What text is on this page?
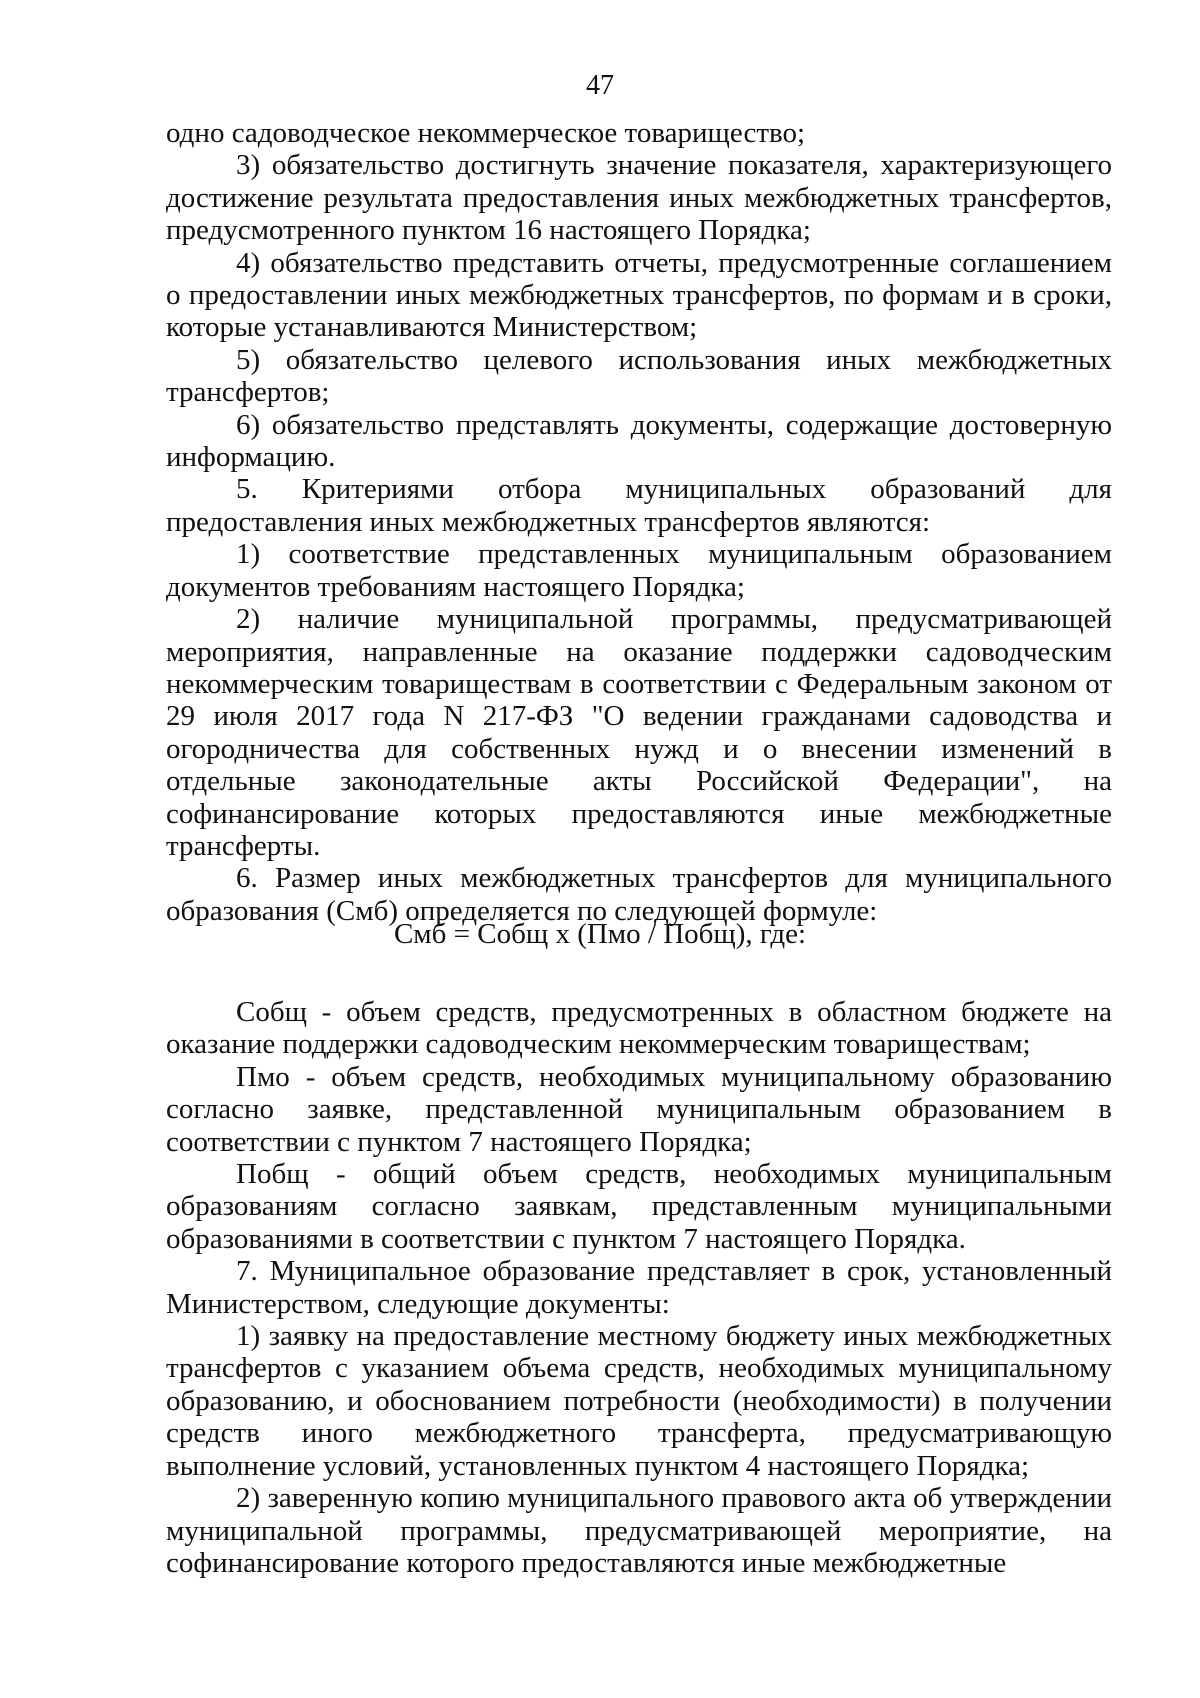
47

одно садоводческое некоммерческое товарищество;

3) обязательство достигнуть значение показателя, характеризующего достижение результата предоставления иных межбюджетных трансфертов, предусмотренного пунктом 16 настоящего Порядка;

4) обязательство представить отчеты, предусмотренные соглашением о предоставлении иных межбюджетных трансфертов, по формам и в сроки, которые устанавливаются Министерством;

5) обязательство целевого использования иных межбюджетных трансфертов;

6) обязательство представлять документы, содержащие достоверную информацию.

5. Критериями отбора муниципальных образований для предоставления иных межбюджетных трансфертов являются:

1) соответствие представленных муниципальным образованием документов требованиям настоящего Порядка;

2) наличие муниципальной программы, предусматривающей мероприятия, направленные на оказание поддержки садоводческим некоммерческим товариществам в соответствии с Федеральным законом от 29 июля 2017 года N 217-ФЗ "О ведении гражданами садоводства и огородничества для собственных нужд и о внесении изменений в отдельные законодательные акты Российской Федерации", на софинансирование которых предоставляются иные межбюджетные трансферты.

6. Размер иных межбюджетных трансфертов для муниципального образования (Смб) определяется по следующей формуле:

Смб = Собщ x (Пмо / Побщ), где:

Собщ - объем средств, предусмотренных в областном бюджете на оказание поддержки садоводческим некоммерческим товариществам;

Пмо - объем средств, необходимых муниципальному образованию согласно заявке, представленной муниципальным образованием в соответствии с пунктом 7 настоящего Порядка;

Побщ - общий объем средств, необходимых муниципальным образованиям согласно заявкам, представленным муниципальными образованиями в соответствии с пунктом 7 настоящего Порядка.

7. Муниципальное образование представляет в срок, установленный Министерством, следующие документы:

1) заявку на предоставление местному бюджету иных межбюджетных трансфертов с указанием объема средств, необходимых муниципальному образованию, и обоснованием потребности (необходимости) в получении средств иного межбюджетного трансферта, предусматривающую выполнение условий, установленных пунктом 4 настоящего Порядка;

2) заверенную копию муниципального правового акта об утверждении муниципальной программы, предусматривающей мероприятие, на софинансирование которого предоставляются иные межбюджетные
